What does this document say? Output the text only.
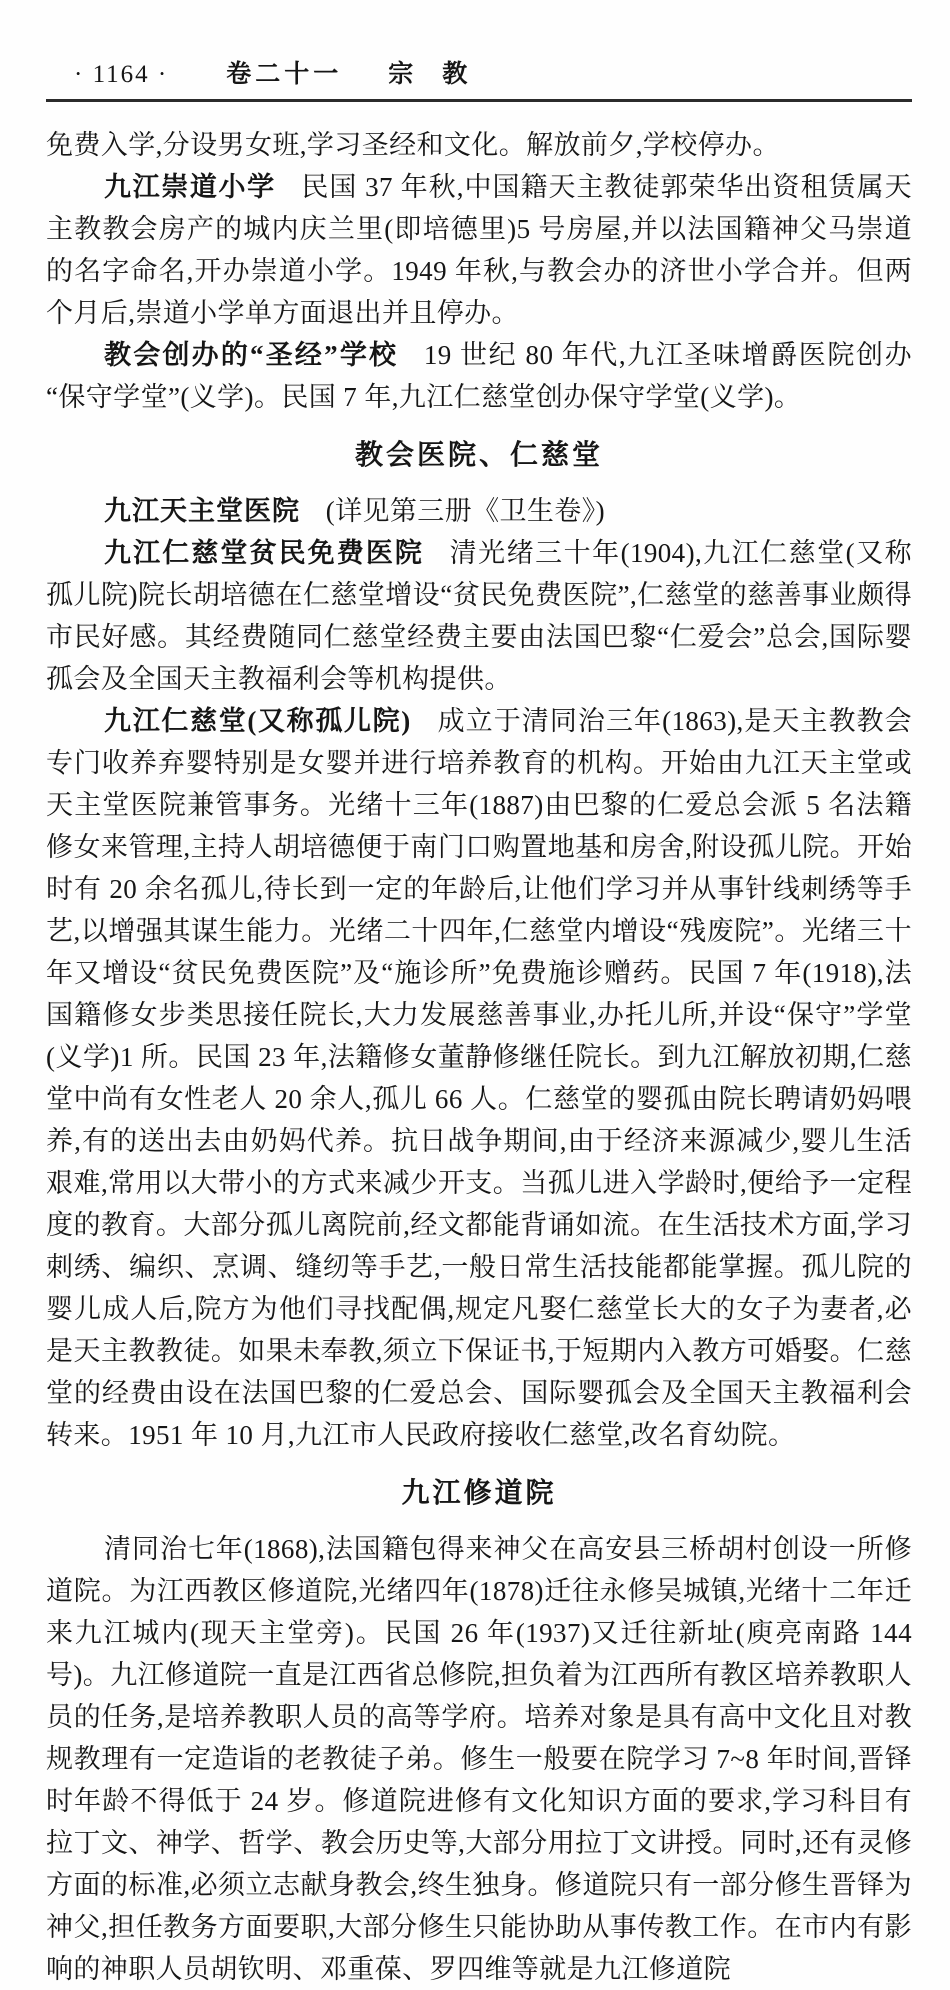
· 1164 · 卷二十一 宗　教

免费入学,分设男女班,学习圣经和文化。解放前夕,学校停办。

九江崇道小学 民国 37 年秋,中国籍天主教徒郭荣华出资租赁属天主教教会房产的城内庆兰里(即培德里)5 号房屋,并以法国籍神父马崇道的名字命名,开办崇道小学。1949 年秋,与教会办的济世小学合并。但两个月后,崇道小学单方面退出并且停办。

教会创办的“圣经”学校 19 世纪 80 年代,九江圣味增爵医院创办“保守学堂”(义学)。民国 7 年,九江仁慈堂创办保守学堂(义学)。

教会医院、仁慈堂

九江天主堂医院 (详见第三册《卫生卷》)

九江仁慈堂贫民免费医院 清光绪三十年(1904),九江仁慈堂(又称孤儿院)院长胡培德在仁慈堂增设“贫民免费医院”,仁慈堂的慈善事业颇得市民好感。其经费随同仁慈堂经费主要由法国巴黎“仁爱会”总会,国际婴孤会及全国天主教福利会等机构提供。

九江仁慈堂(又称孤儿院) 成立于清同治三年(1863),是天主教教会专门收养弃婴特别是女婴并进行培养教育的机构。开始由九江天主堂或天主堂医院兼管事务。光绪十三年(1887)由巴黎的仁爱总会派 5 名法籍修女来管理,主持人胡培德便于南门口购置地基和房舍,附设孤儿院。开始时有 20 余名孤儿,待长到一定的年龄后,让他们学习并从事针线刺绣等手艺,以增强其谋生能力。光绪二十四年,仁慈堂内增设“残废院”。光绪三十年又增设“贫民免费医院”及“施诊所”免费施诊赠药。民国 7 年(1918),法国籍修女步类思接任院长,大力发展慈善事业,办托儿所,并设“保守”学堂(义学)1 所。民国 23 年,法籍修女董静修继任院长。到九江解放初期,仁慈堂中尚有女性老人 20 余人,孤儿 66 人。仁慈堂的婴孤由院长聘请奶妈喂养,有的送出去由奶妈代养。抗日战争期间,由于经济来源减少,婴儿生活艰难,常用以大带小的方式来减少开支。当孤儿进入学龄时,便给予一定程度的教育。大部分孤儿离院前,经文都能背诵如流。在生活技术方面,学习刺绣、编织、烹调、缝纫等手艺,一般日常生活技能都能掌握。孤儿院的婴儿成人后,院方为他们寻找配偶,规定凡娶仁慈堂长大的女子为妻者,必是天主教教徒。如果未奉教,须立下保证书,于短期内入教方可婚娶。仁慈堂的经费由设在法国巴黎的仁爱总会、国际婴孤会及全国天主教福利会转来。1951 年 10 月,九江市人民政府接收仁慈堂,改名育幼院。

九江修道院

清同治七年(1868),法国籍包得来神父在高安县三桥胡村创设一所修道院。为江西教区修道院,光绪四年(1878)迁往永修吴城镇,光绪十二年迁来九江城内(现天主堂旁)。民国 26 年(1937)又迁往新址(庾亮南路 144 号)。九江修道院一直是江西省总修院,担负着为江西所有教区培养教职人员的任务,是培养教职人员的高等学府。培养对象是具有高中文化且对教规教理有一定造诣的老教徒子弟。修生一般要在院学习 7~8 年时间,晋铎时年龄不得低于 24 岁。修道院进修有文化知识方面的要求,学习科目有拉丁文、神学、哲学、教会历史等,大部分用拉丁文讲授。同时,还有灵修方面的标准,必须立志献身教会,终生独身。修道院只有一部分修生晋铎为神父,担任教务方面要职,大部分修生只能协助从事传教工作。在市内有影响的神职人员胡钦明、邓重葆、罗四维等就是九江修道院
